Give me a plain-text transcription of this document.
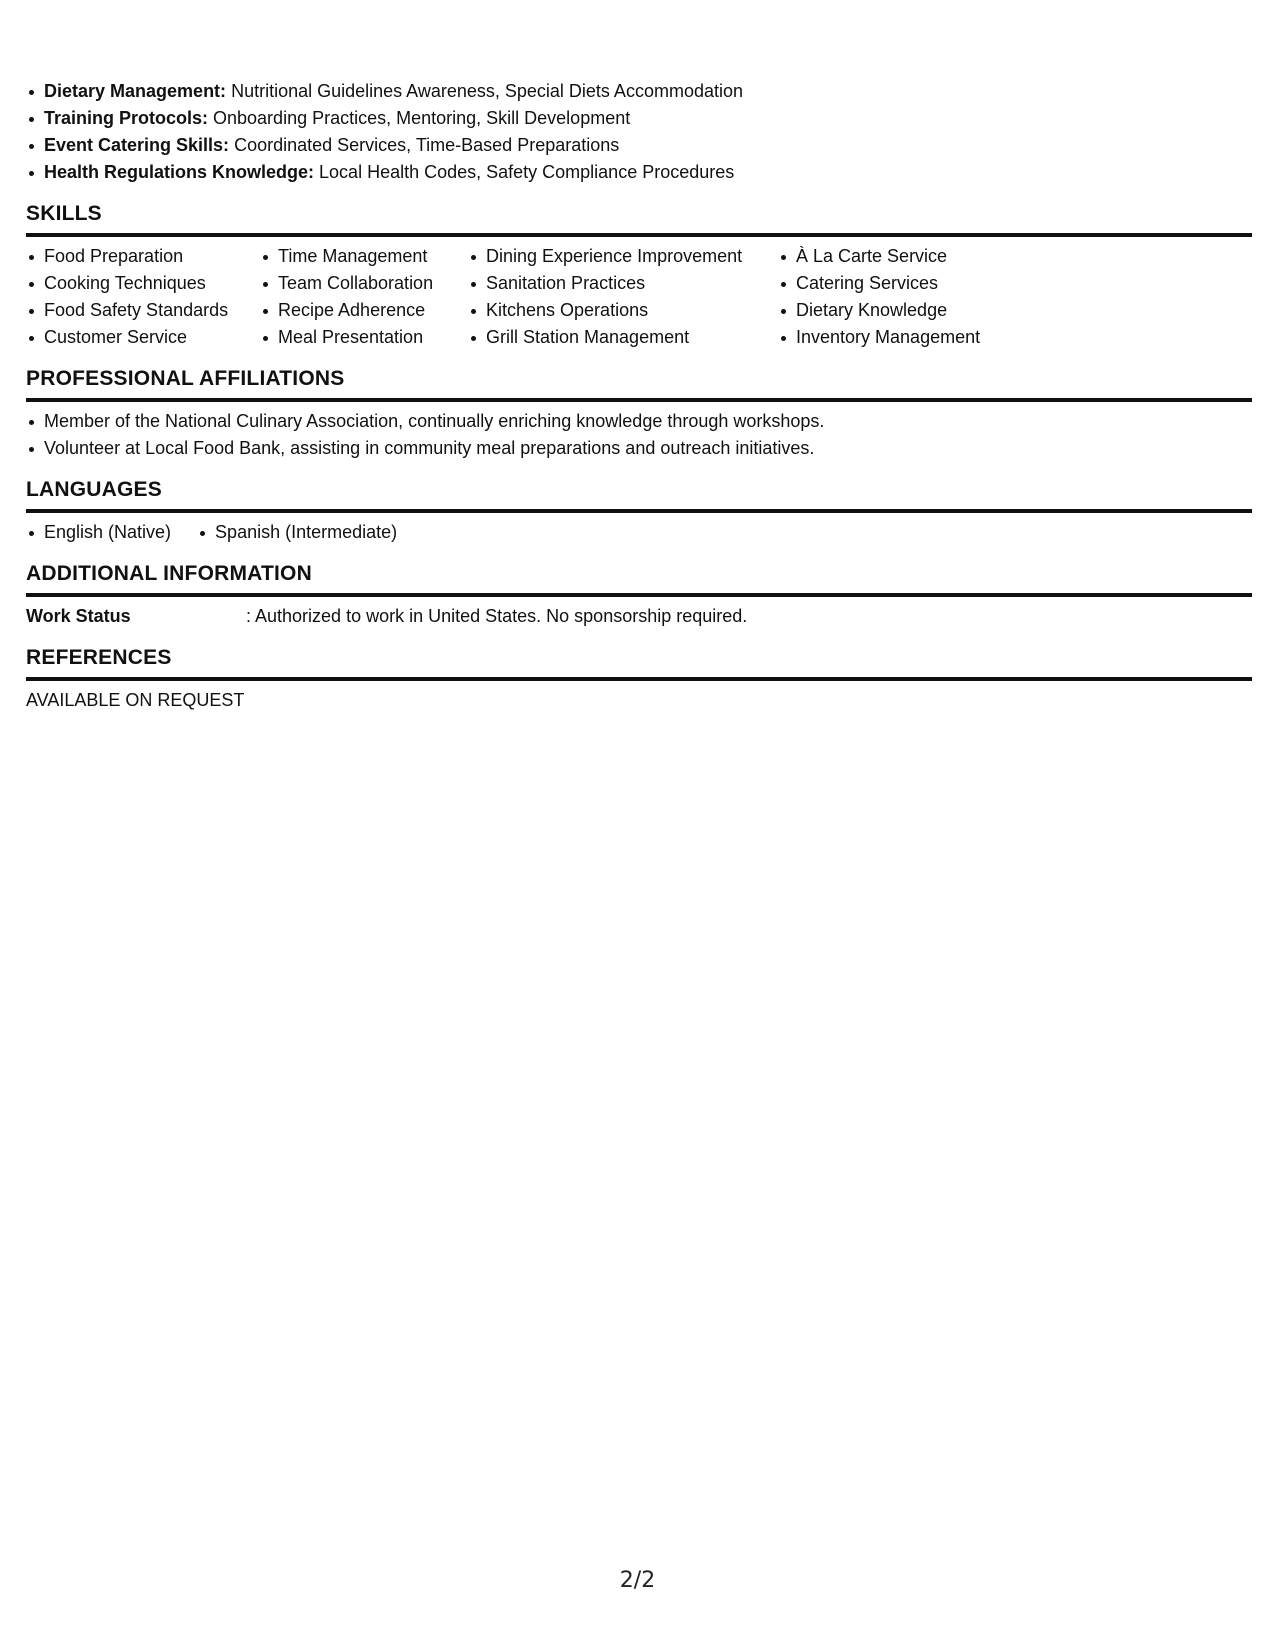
Dietary Management: Nutritional Guidelines Awareness, Special Diets Accommodation
Training Protocols: Onboarding Practices, Mentoring, Skill Development
Event Catering Skills: Coordinated Services, Time-Based Preparations
Health Regulations Knowledge: Local Health Codes, Safety Compliance Procedures
SKILLS
Food Preparation
Cooking Techniques
Food Safety Standards
Customer Service
Time Management
Team Collaboration
Recipe Adherence
Meal Presentation
Dining Experience Improvement
Sanitation Practices
Kitchens Operations
Grill Station Management
À La Carte Service
Catering Services
Dietary Knowledge
Inventory Management
PROFESSIONAL AFFILIATIONS
Member of the National Culinary Association, continually enriching knowledge through workshops.
Volunteer at Local Food Bank, assisting in community meal preparations and outreach initiatives.
LANGUAGES
English (Native)	Spanish (Intermediate)
ADDITIONAL INFORMATION
Work Status	: Authorized to work in United States. No sponsorship required.
REFERENCES
AVAILABLE ON REQUEST
2/2
